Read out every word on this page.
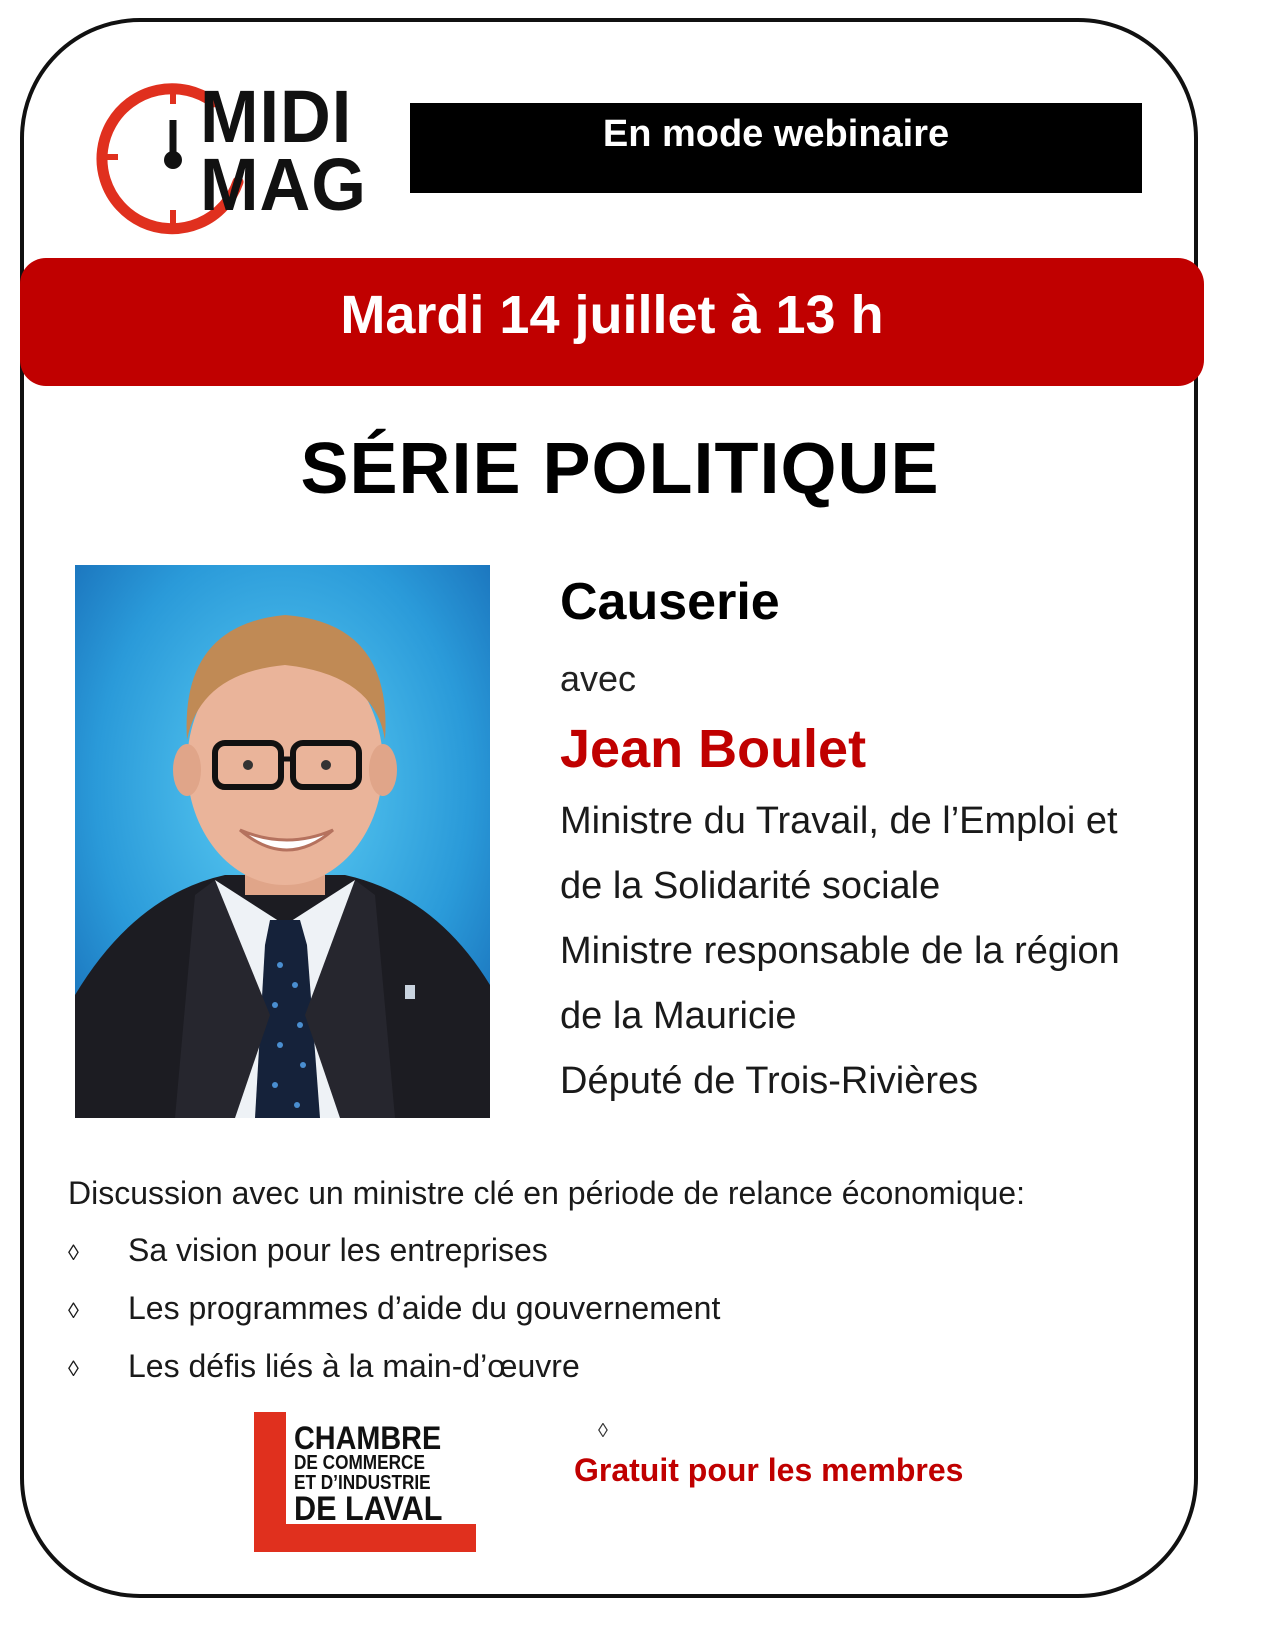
MIDI
MAG
En mode webinaire
Mardi 14 juillet à 13 h
SÉRIE POLITIQUE
Causerie
avec
Jean Boulet
Ministre du Travail, de l’Emploi et
de la Solidarité sociale
Ministre responsable de la région
de la Mauricie
Député de Trois-Rivières
Discussion avec un ministre clé en période de relance économique:
◊ Sa vision pour les entreprises
◊ Les programmes d’aide du gouvernement
◊ Les défis liés à la main-d’œuvre
CHAMBRE
DE COMMERCE
ET D’INDUSTRIE
DE LAVAL
◊
Gratuit pour les membres
